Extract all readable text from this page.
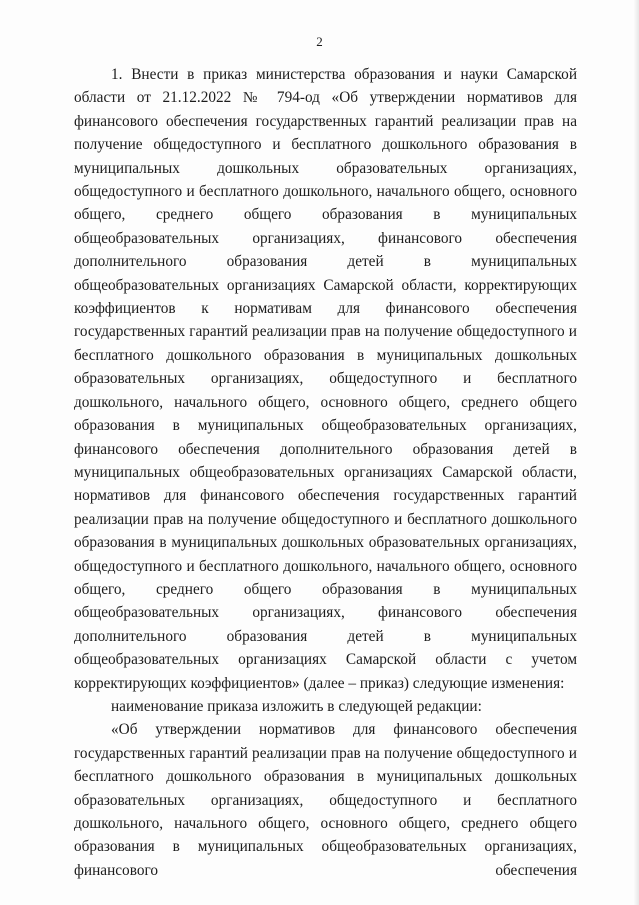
2

1. Внести в приказ министерства образования и науки Самарской области от 21.12.2022 № 794-од «Об утверждении нормативов для финансового обеспечения государственных гарантий реализации прав на получение общедоступного и бесплатного дошкольного образования в муниципальных дошкольных образовательных организациях, общедоступного и бесплатного дошкольного, начального общего, основного общего, среднего общего образования в муниципальных общеобразовательных организациях, финансового обеспечения дополнительного образования детей в муниципальных общеобразовательных организациях Самарской области, корректирующих коэффициентов к нормативам для финансового обеспечения государственных гарантий реализации прав на получение общедоступного и бесплатного дошкольного образования в муниципальных дошкольных образовательных организациях, общедоступного и бесплатного дошкольного, начального общего, основного общего, среднего общего образования в муниципальных общеобразовательных организациях, финансового обеспечения дополнительного образования детей в муниципальных общеобразовательных организациях Самарской области, нормативов для финансового обеспечения государственных гарантий реализации прав на получение общедоступного и бесплатного дошкольного образования в муниципальных дошкольных образовательных организациях, общедоступного и бесплатного дошкольного, начального общего, основного общего, среднего общего образования в муниципальных общеобразовательных организациях, финансового обеспечения дополнительного образования детей в муниципальных общеобразовательных организациях Самарской области с учетом корректирующих коэффициентов» (далее – приказ) следующие изменения:

наименование приказа изложить в следующей редакции:

«Об утверждении нормативов для финансового обеспечения государственных гарантий реализации прав на получение общедоступного и бесплатного дошкольного образования в муниципальных дошкольных образовательных организациях, общедоступного и бесплатного дошкольного, начального общего, основного общего, среднего общего образования в муниципальных общеобразовательных организациях, финансового обеспечения
